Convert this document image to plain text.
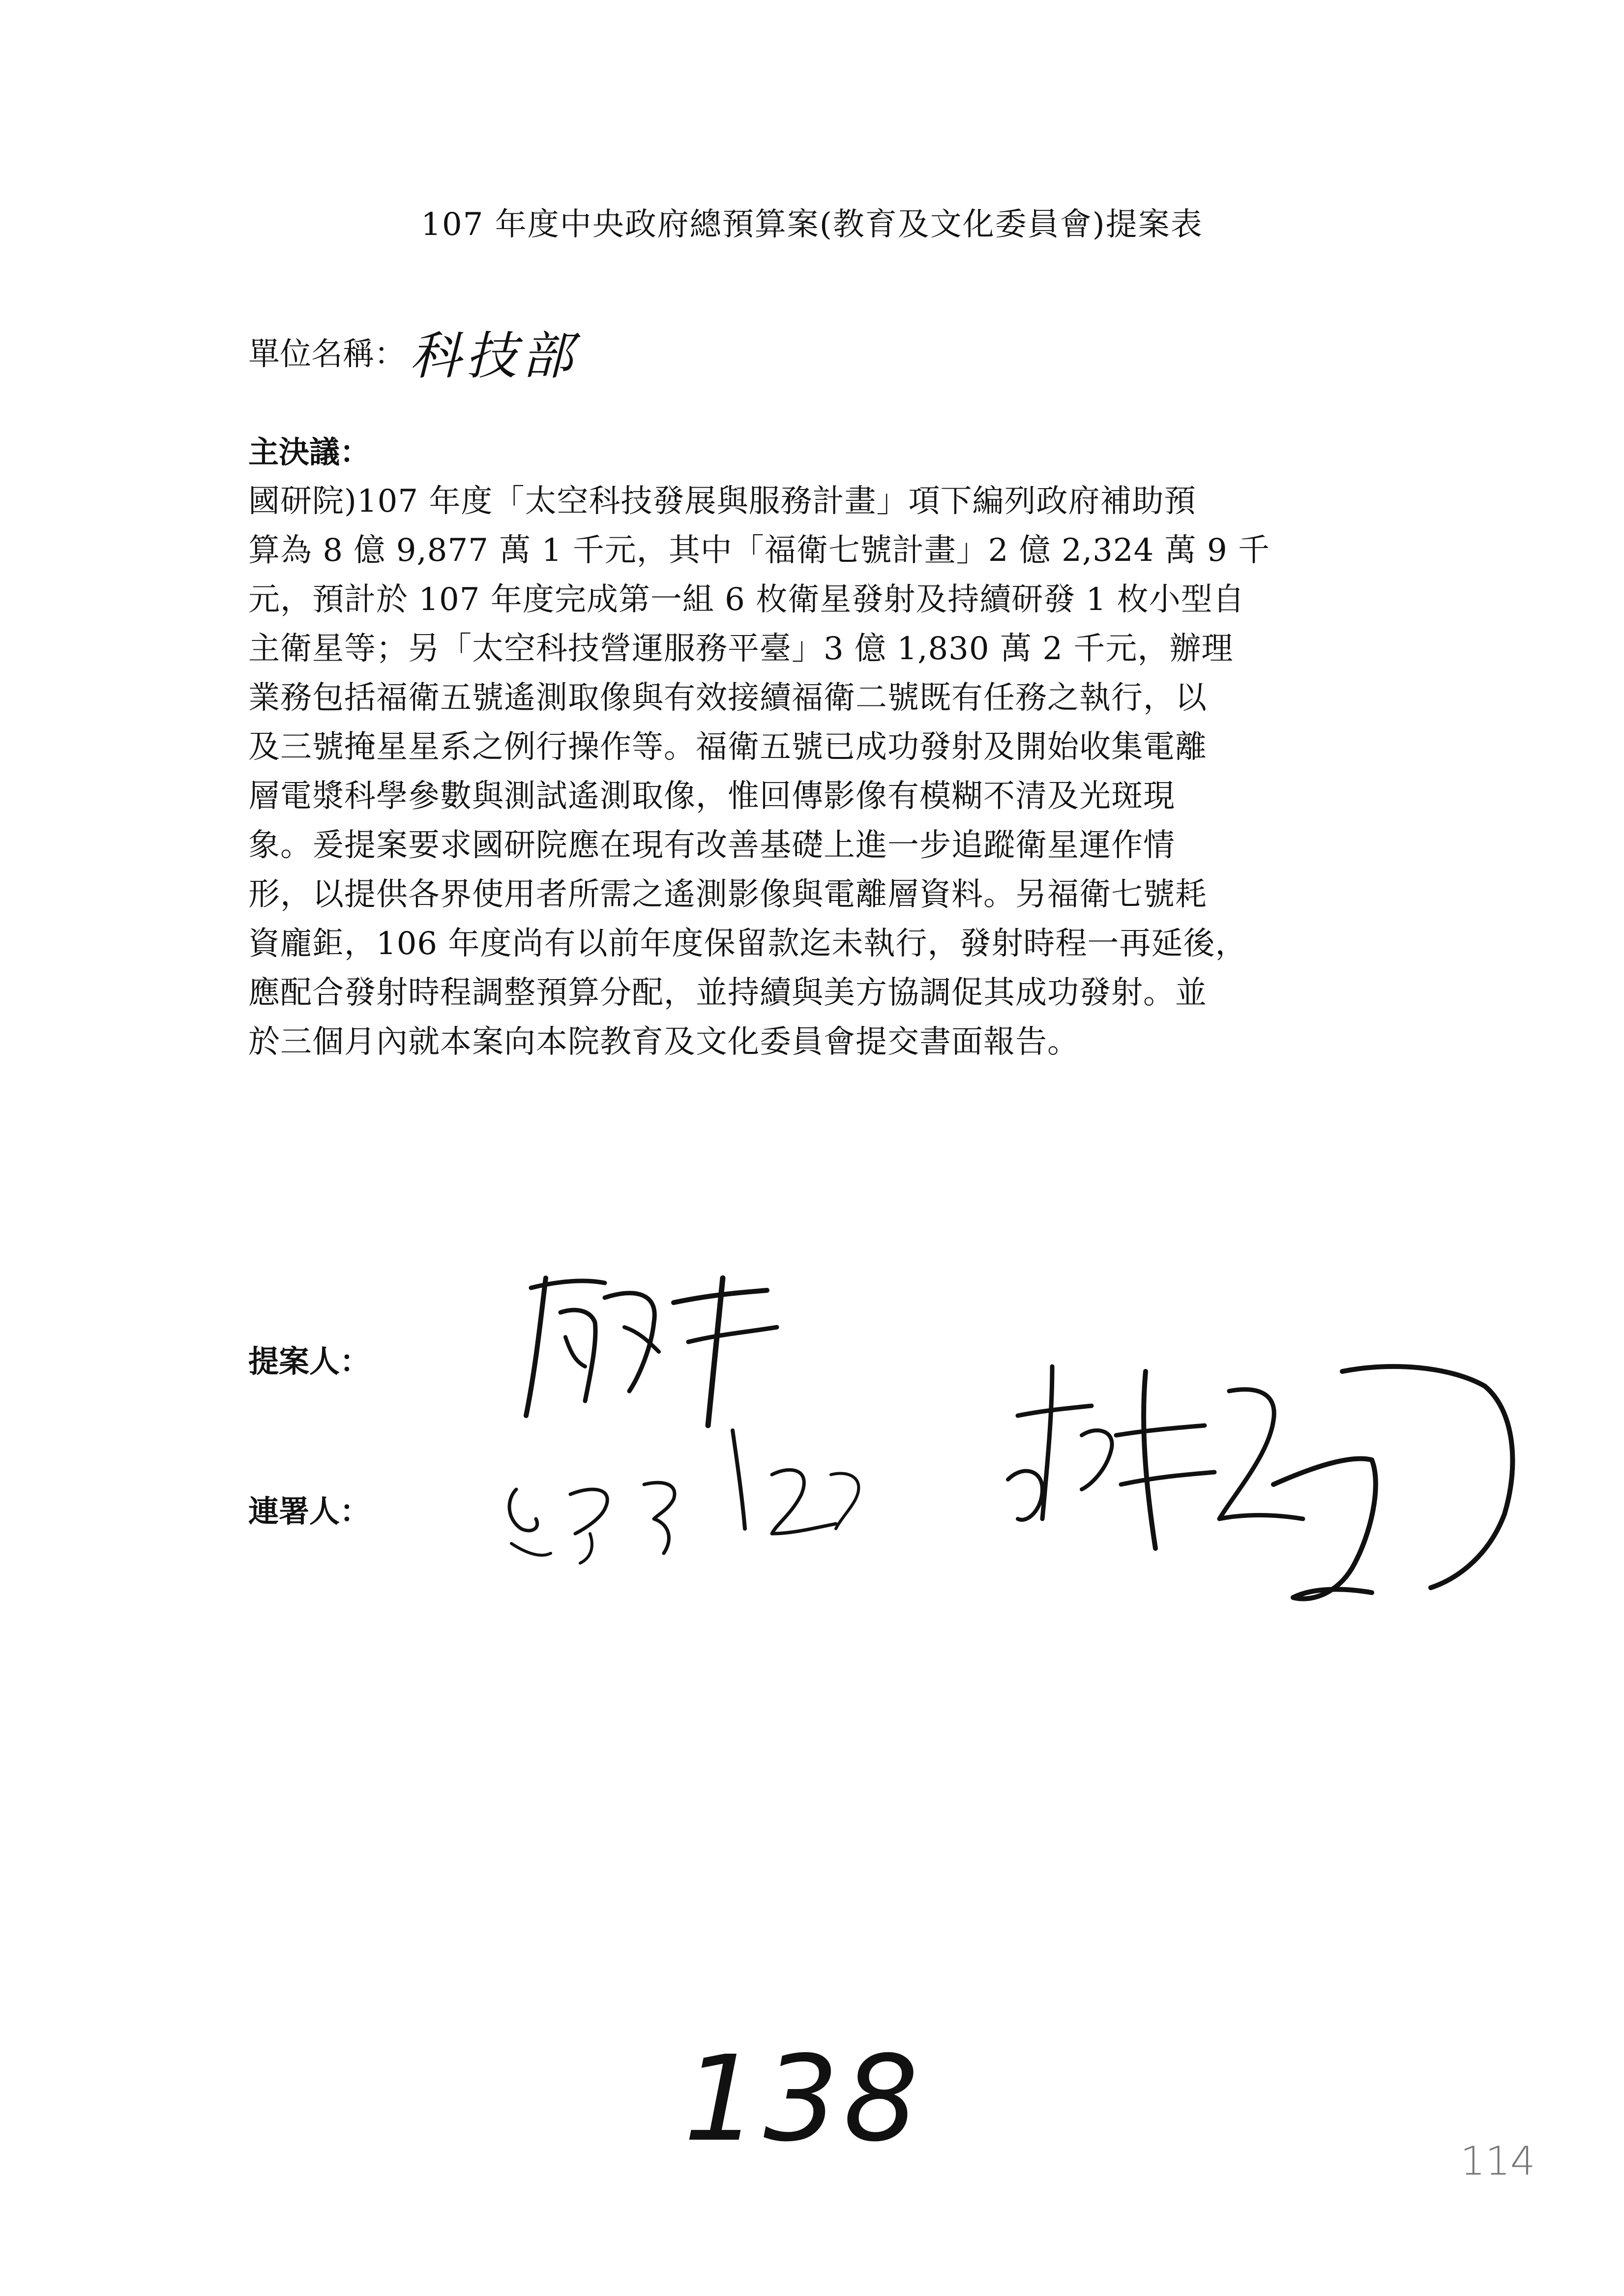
107 年度中央政府總預算案(教育及文化委員會)提案表
單位名稱： 科技部
主決議：
國研院)107 年度「太空科技發展與服務計畫」項下編列政府補助預
算為 8 億 9,877 萬 1 千元，其中「福衛七號計畫」2 億 2,324 萬 9 千
元，預計於 107 年度完成第一組 6 枚衛星發射及持續研發 1 枚小型自
主衛星等；另「太空科技營運服務平臺」3 億 1,830 萬 2 千元，辦理
業務包括福衛五號遙測取像與有效接續福衛二號既有任務之執行，以
及三號掩星星系之例行操作等。福衛五號已成功發射及開始收集電離
層電漿科學參數與測試遙測取像，惟回傳影像有模糊不清及光斑現
象。爰提案要求國研院應在現有改善基礎上進一步追蹤衛星運作情
形，以提供各界使用者所需之遙測影像與電離層資料。另福衛七號耗
資龐鉅，106 年度尚有以前年度保留款迄未執行，發射時程一再延後，
應配合發射時程調整預算分配，並持續與美方協調促其成功發射。並
於三個月內就本案向本院教育及文化委員會提交書面報告。
提案人：
連署人：
138	114
